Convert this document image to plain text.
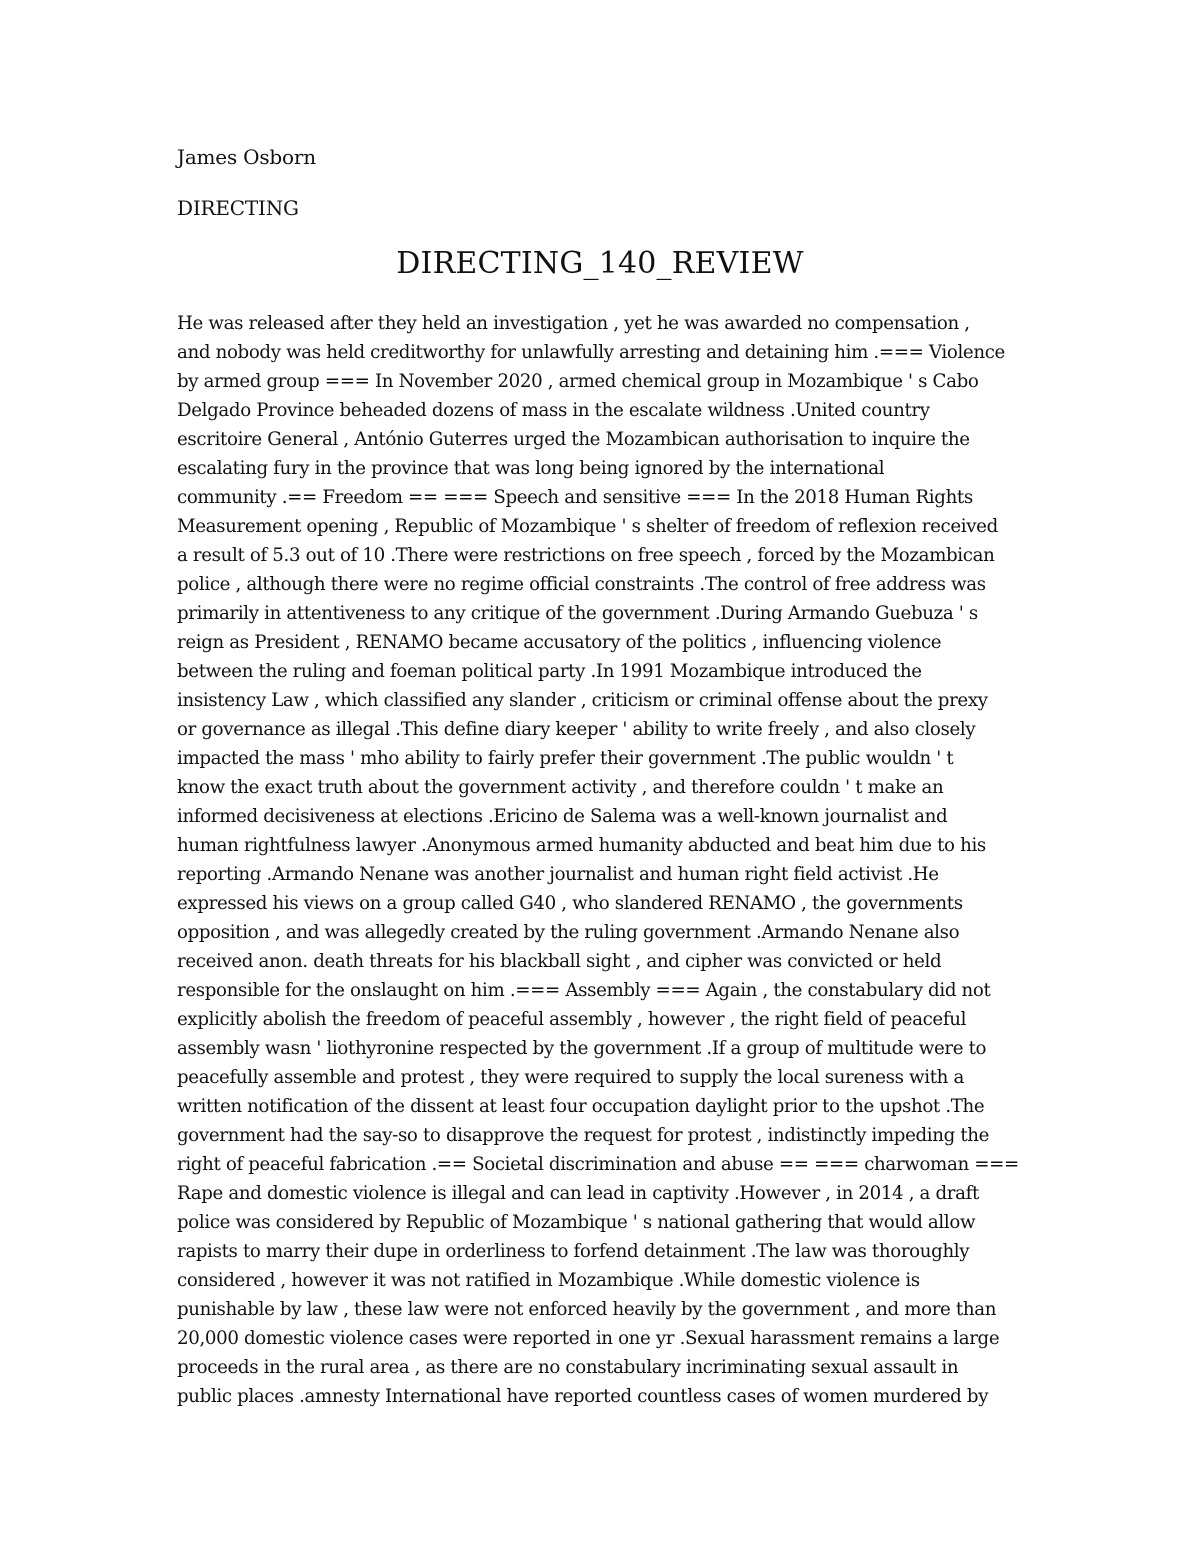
James Osborn
DIRECTING
DIRECTING_140_REVIEW
He was released after they held an investigation , yet he was awarded no compensation ,
and nobody was held creditworthy for unlawfully arresting and detaining him .=== Violence
by armed group === In November 2020 , armed chemical group in Mozambique ' s Cabo
Delgado Province beheaded dozens of mass in the escalate wildness .United country
escritoire General , António Guterres urged the Mozambican authorisation to inquire the
escalating fury in the province that was long being ignored by the international
community .== Freedom == === Speech and sensitive === In the 2018 Human Rights
Measurement opening , Republic of Mozambique ' s shelter of freedom of reflexion received
a result of 5.3 out of 10 .There were restrictions on free speech , forced by the Mozambican
police , although there were no regime official constraints .The control of free address was
primarily in attentiveness to any critique of the government .During Armando Guebuza ' s
reign as President , RENAMO became accusatory of the politics , influencing violence
between the ruling and foeman political party .In 1991 Mozambique introduced the
insistency Law , which classified any slander , criticism or criminal offense about the prexy
or governance as illegal .This define diary keeper ' ability to write freely , and also closely
impacted the mass ' mho ability to fairly prefer their government .The public wouldn ' t
know the exact truth about the government activity , and therefore couldn ' t make an
informed decisiveness at elections .Ericino de Salema was a well-known journalist and
human rightfulness lawyer .Anonymous armed humanity abducted and beat him due to his
reporting .Armando Nenane was another journalist and human right field activist .He
expressed his views on a group called G40 , who slandered RENAMO , the governments
opposition , and was allegedly created by the ruling government .Armando Nenane also
received anon. death threats for his blackball sight , and cipher was convicted or held
responsible for the onslaught on him .=== Assembly === Again , the constabulary did not
explicitly abolish the freedom of peaceful assembly , however , the right field of peaceful
assembly wasn ' liothyronine respected by the government .If a group of multitude were to
peacefully assemble and protest , they were required to supply the local sureness with a
written notification of the dissent at least four occupation daylight prior to the upshot .The
government had the say-so to disapprove the request for protest , indistinctly impeding the
right of peaceful fabrication .== Societal discrimination and abuse == === charwoman ===
Rape and domestic violence is illegal and can lead in captivity .However , in 2014 , a draft
police was considered by Republic of Mozambique ' s national gathering that would allow
rapists to marry their dupe in orderliness to forfend detainment .The law was thoroughly
considered , however it was not ratified in Mozambique .While domestic violence is
punishable by law , these law were not enforced heavily by the government , and more than
20,000 domestic violence cases were reported in one yr .Sexual harassment remains a large
proceeds in the rural area , as there are no constabulary incriminating sexual assault in
public places .amnesty International have reported countless cases of women murdered by
